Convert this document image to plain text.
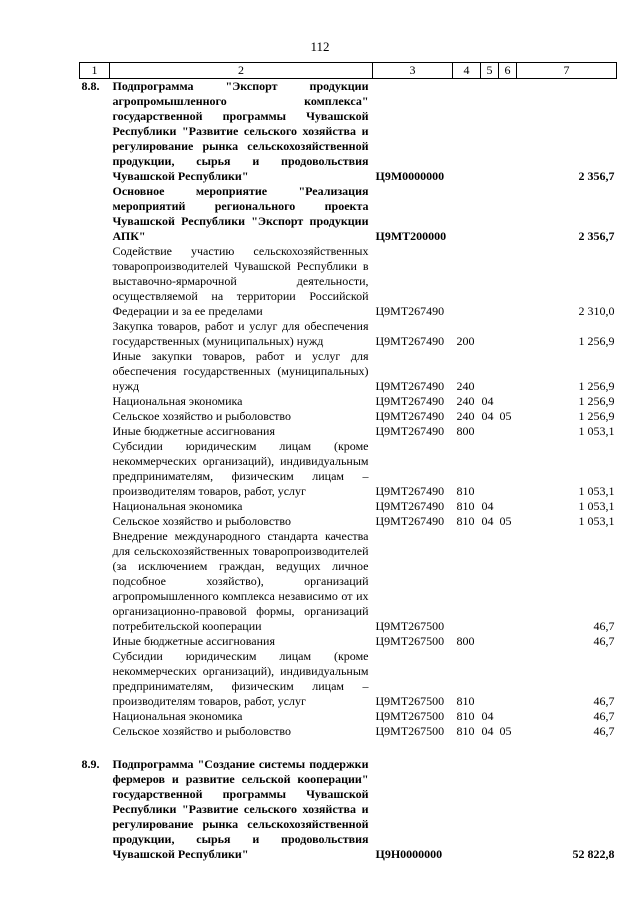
112
1	2	3	4	5	6	7
8.8.	Подпрограмма "Экспорт продукции агропромышленного комплекса" государственной программы Чувашской Республики "Развитие сельского хозяйства и регулирование рынка сельскохозяйственной продукции, сырья и продовольствия Чувашской Республики"	Ц9М0000000				2 356,7
	Основное мероприятие "Реализация мероприятий регионального проекта Чувашской Республики "Экспорт продукции АПК"	Ц9МТ200000				2 356,7
	Содействие участию сельскохозяйственных товаропроизводителей Чувашской Республики в выставочно-ярмарочной деятельности, осуществляемой на территории Российской Федерации и за ее пределами	Ц9МТ267490				2 310,0
	Закупка товаров, работ и услуг для обеспечения государственных (муниципальных) нужд	Ц9МТ267490	200			1 256,9
	Иные закупки товаров, работ и услуг для обеспечения государственных (муниципальных) нужд	Ц9МТ267490	240			1 256,9
	Национальная экономика	Ц9МТ267490	240	04		1 256,9
	Сельское хозяйство и рыболовство	Ц9МТ267490	240	04	05	1 256,9
	Иные бюджетные ассигнования	Ц9МТ267490	800			1 053,1
	Субсидии юридическим лицам (кроме некоммерческих организаций), индивидуальным предпринимателям, физическим лицам – производителям товаров, работ, услуг	Ц9МТ267490	810			1 053,1
	Национальная экономика	Ц9МТ267490	810	04		1 053,1
	Сельское хозяйство и рыболовство	Ц9МТ267490	810	04	05	1 053,1
	Внедрение международного стандарта качества для сельскохозяйственных товаропроизводителей (за исключением граждан, ведущих личное подсобное хозяйство), организаций агропромышленного комплекса независимо от их организационно-правовой формы, организаций потребительской кооперации	Ц9МТ267500				46,7
	Иные бюджетные ассигнования	Ц9МТ267500	800			46,7
	Субсидии юридическим лицам (кроме некоммерческих организаций), индивидуальным предпринимателям, физическим лицам – производителям товаров, работ, услуг	Ц9МТ267500	810			46,7
	Национальная экономика	Ц9МТ267500	810	04		46,7
	Сельское хозяйство и рыболовство	Ц9МТ267500	810	04	05	46,7

8.9.	Подпрограмма "Создание системы поддержки фермеров и развитие сельской кооперации" государственной программы Чувашской Республики "Развитие сельского хозяйства и регулирование рынка сельскохозяйственной продукции, сырья и продовольствия Чувашской Республики"	Ц9Н0000000				52 822,8
